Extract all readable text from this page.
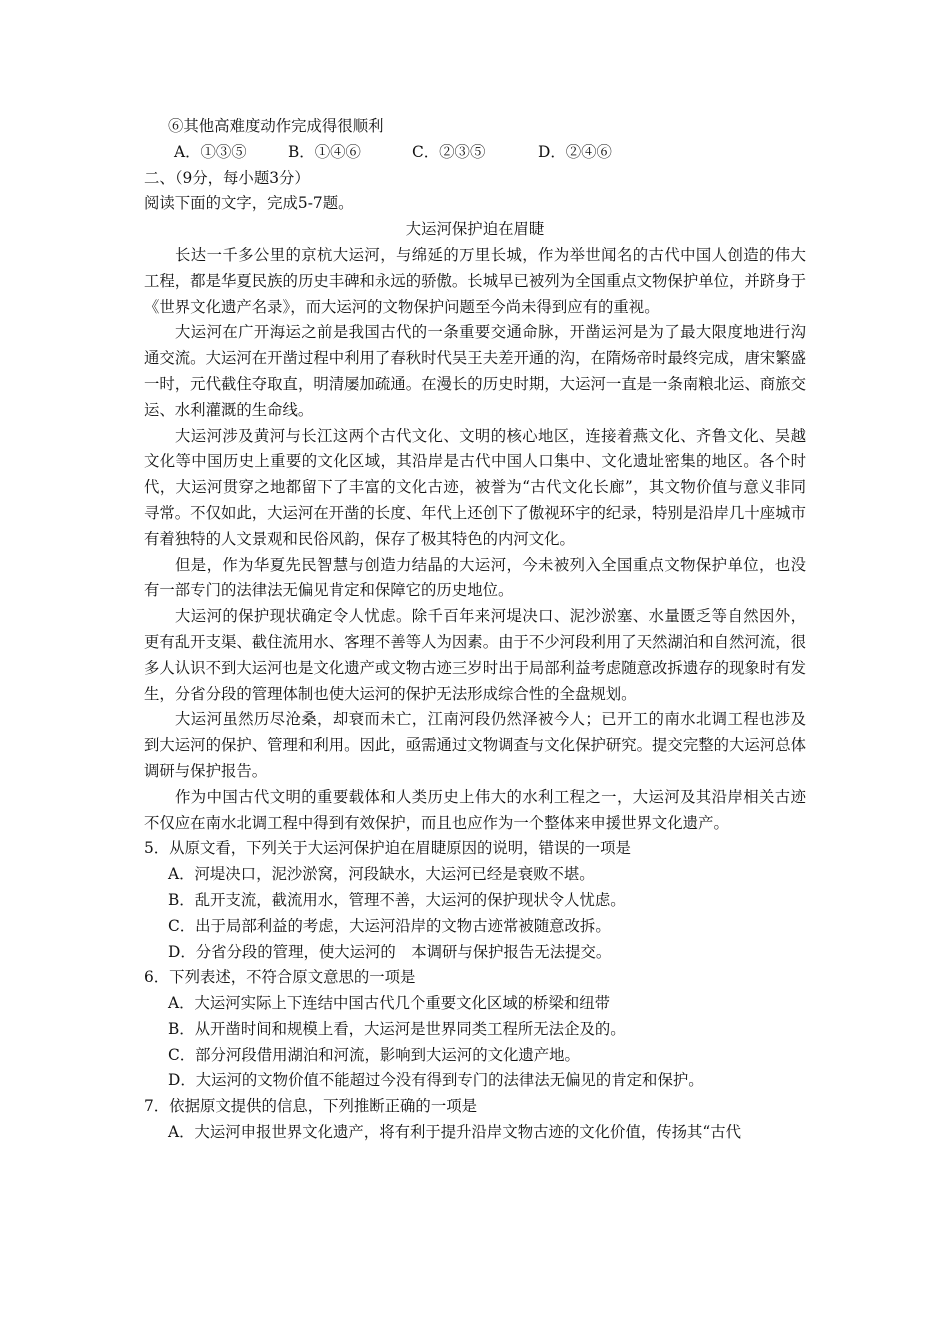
⑥其他高难度动作完成得很顺利
A．①③⑤	B．①④⑥	C．②③⑤	D．②④⑥
二、（9分，每小题3分）
阅读下面的文字，完成5-7题。
大运河保护迫在眉睫

长达一千多公里的京杭大运河，与绵延的万里长城，作为举世闻名的古代中国人创造的伟大工程，都是华夏民族的历史丰碑和永远的骄傲。长城早已被列为全国重点文物保护单位，并跻身于《世界文化遗产名录》，而大运河的文物保护问题至今尚未得到应有的重视。

大运河在广开海运之前是我国古代的一条重要交通命脉，开凿运河是为了最大限度地进行沟通交流。大运河在开凿过程中利用了春秋时代吴王夫差开通的沟，在隋炀帝时最终完成，唐宋繁盛一时，元代截住夺取直，明清屡加疏通。在漫长的历史时期，大运河一直是一条南粮北运、商旅交运、水利灌溉的生命线。

大运河涉及黄河与长江这两个古代文化、文明的核心地区，连接着燕文化、齐鲁文化、吴越文化等中国历史上重要的文化区域，其沿岸是古代中国人口集中、文化遗址密集的地区。各个时代，大运河贯穿之地都留下了丰富的文化古迹，被誉为“古代文化长廊”，其文物价值与意义非同寻常。不仅如此，大运河在开凿的长度、年代上还创下了傲视环宇的纪录，特别是沿岸几十座城市有着独特的人文景观和民俗风韵，保存了极其特色的内河文化。

但是，作为华夏先民智慧与创造力结晶的大运河，今未被列入全国重点文物保护单位，也没有一部专门的法律法无偏见肯定和保障它的历史地位。

大运河的保护现状确定令人忧虑。除千百年来河堤决口、泥沙淤塞、水量匮乏等自然因外，更有乱开支渠、截住流用水、客理不善等人为因素。由于不少河段利用了天然湖泊和自然河流，很多人认识不到大运河也是文化遗产或文物古迹三岁时出于局部利益考虑随意改拆遗存的现象时有发生，分省分段的管理体制也使大运河的保护无法形成综合性的全盘规划。

大运河虽然历尽沧桑，却衰而未亡，江南河段仍然泽被今人；已开工的南水北调工程也涉及到大运河的保护、管理和利用。因此，亟需通过文物调查与文化保护研究。提交完整的大运河总体调研与保护报告。

作为中国古代文明的重要载体和人类历史上伟大的水利工程之一，大运河及其沿岸相关古迹不仅应在南水北调工程中得到有效保护，而且也应作为一个整体来申援世界文化遗产。

5．从原文看，下列关于大运河保护迫在眉睫原因的说明，错误的一项是
A．河堤决口，泥沙淤窝，河段缺水，大运河已经是衰败不堪。
B．乱开支流，截流用水，管理不善，大运河的保护现状令人忧虑。
C．出于局部利益的考虑，大运河沿岸的文物古迹常被随意改拆。
D．分省分段的管理，使大运河的　本调研与保护报告无法提交。
6．下列表述，不符合原文意思的一项是
A．大运河实际上下连结中国古代几个重要文化区域的桥梁和纽带
B．从开凿时间和规模上看，大运河是世界同类工程所无法企及的。
C．部分河段借用湖泊和河流，影响到大运河的文化遗产地。
D．大运河的文物价值不能超过今没有得到专门的法律法无偏见的肯定和保护。
7．依据原文提供的信息，下列推断正确的一项是
A．大运河申报世界文化遗产，将有利于提升沿岸文物古迹的文化价值，传扬其“古代
